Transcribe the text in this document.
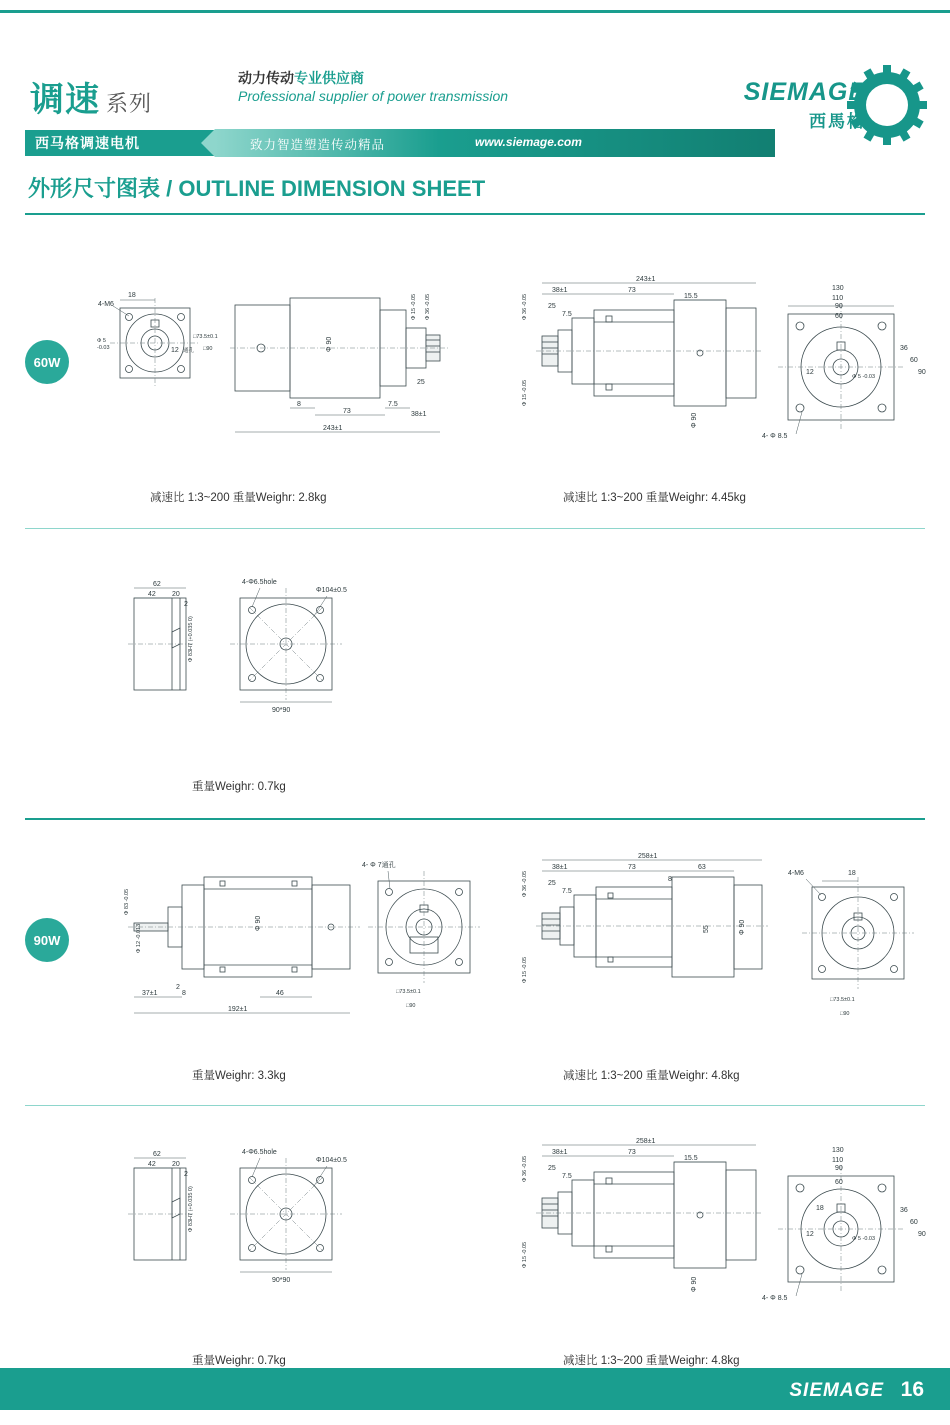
调速 系列
西马格调速电机
动力传动专业供应商
Professional supplier of power transmission
致力智造塑造传动精品	www.siemage.com
SIEMAGE
西馬格
外形尺寸图表 / OUTLINE DIMENSION SHEET
60W
18
4-M6
Φ 5
-0.03	12 通孔
□73.5±0.1
□90	Φ 90
Φ 15 -0.05 Φ 36 -0.05
25
8
73
7.5
38±1
243±1
Φ 90
Φ 36 -0.05
Φ 15 -0.05
38±1	73
15.5
243±1
25
7.5
130
110
90
60
36
60
90
12
Φ 5 -0.03
4- Φ 8.5
减速比 1:3~200 重量Weighr: 2.8kg	减速比 1:3~200 重量Weighr: 4.45kg
62
42 20
2
Φ 83H7 (+0.035 0)
4-Φ6.5hole
Φ104±0.5
90*90
重量Weighr: 0.7kg
90W
Φ 90
Φ 83 -0.05
Φ 12 -0.013
2
37±1	8	46
192±1
4- Φ 7通孔
□73.5±0.1
□90
55	Φ 90
Φ 36 -0.05
Φ 15 -0.05
38±1	73	63
8
258±1
25
7.5
4-M6	18
□73.5±0.1
□90
重量Weighr: 3.3kg	减速比 1:3~200 重量Weighr: 4.8kg
62
42 20
2
Φ 83H7 (+0.035 0)
4-Φ6.5hole
Φ104±0.5
90*90	Φ 90
Φ 36 -0.05
Φ 15 -0.05
38±1	73
15.5
258±1
25
7.5
130
110
90
60
36
60
90
18
12
Φ 5 -0.03
4- Φ 8.5
重量Weighr: 0.7kg	减速比 1:3~200 重量Weighr: 4.8kg
SIEMAGE 16
